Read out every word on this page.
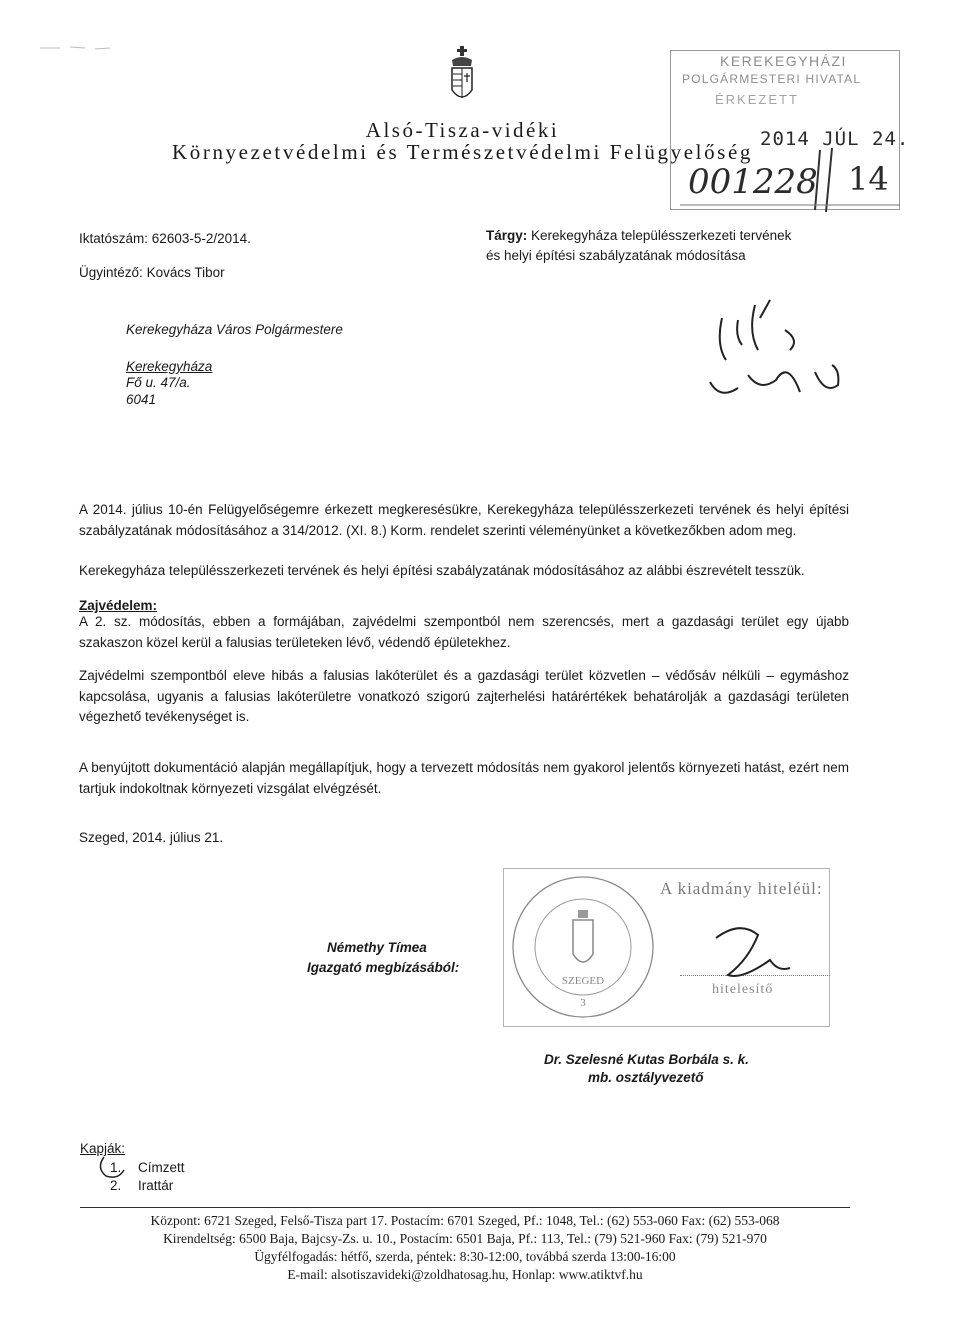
Alsó-Tisza-vidéki
Környezetvédelmi és Természetvédelmi Felügyelőség
KEREKEGYHÁZI
POLGÁRMESTERI HIVATAL
ÉRKEZETT
2014 JÚL 24.
001228 14
Iktatószám: 62603-5-2/2014.
Ügyintéző: Kovács Tibor
Tárgy: Kerekegyháza településszerkezeti tervének
és helyi építési szabályzatának módosítása
Kerekegyháza Város Polgármestere
Kerekegyháza
Fő u. 47/a.
6041
A 2014. július 10-én Felügyelőségemre érkezett megkeresésükre, Kerekegyháza településszerkezeti tervének és helyi építési szabályzatának módosításához a 314/2012. (XI. 8.) Korm. rendelet szerinti véleményünket a következőkben adom meg.
Kerekegyháza településszerkezeti tervének és helyi építési szabályzatának módosításához az alábbi észrevételt tesszük.
Zajvédelem:
A 2. sz. módosítás, ebben a formájában, zajvédelmi szempontból nem szerencsés, mert a gazdasági terület egy újabb szakaszon közel kerül a falusias területeken lévő, védendő épületekhez.
Zajvédelmi szempontból eleve hibás a falusias lakóterület és a gazdasági terület közvetlen – védősáv nélküli – egymáshoz kapcsolása, ugyanis a falusias lakóterületre vonatkozó szigorú zajterhelési határértékek behatárolják a gazdasági területen végezhető tevékenységet is.
A benyújtott dokumentáció alapján megállapítjuk, hogy a tervezett módosítás nem gyakorol jelentős környezeti hatást, ezért nem tartjuk indokoltnak környezeti vizsgálat elvégzését.
Szeged, 2014. július 21.
Némethy Tímea
Igazgató megbízásából:
Dr. Szelesné Kutas Borbála s. k.
mb. osztályvezető
SZEGED
3
A kiadmány hiteléül:
hitelesítő
Kapják:
1. Címzett
2. Irattár
Központ: 6721 Szeged, Felső-Tisza part 17. Postacím: 6701 Szeged, Pf.: 1048, Tel.: (62) 553-060 Fax: (62) 553-068
Kirendeltség: 6500 Baja, Bajcsy-Zs. u. 10., Postacím: 6501 Baja, Pf.: 113, Tel.: (79) 521-960 Fax: (79) 521-970
Ügyfélfogadás: hétfő, szerda, péntek: 8:30-12:00, továbbá szerda 13:00-16:00
E-mail: alsotiszavideki@zoldhatosag.hu, Honlap: www.atiktvf.hu
